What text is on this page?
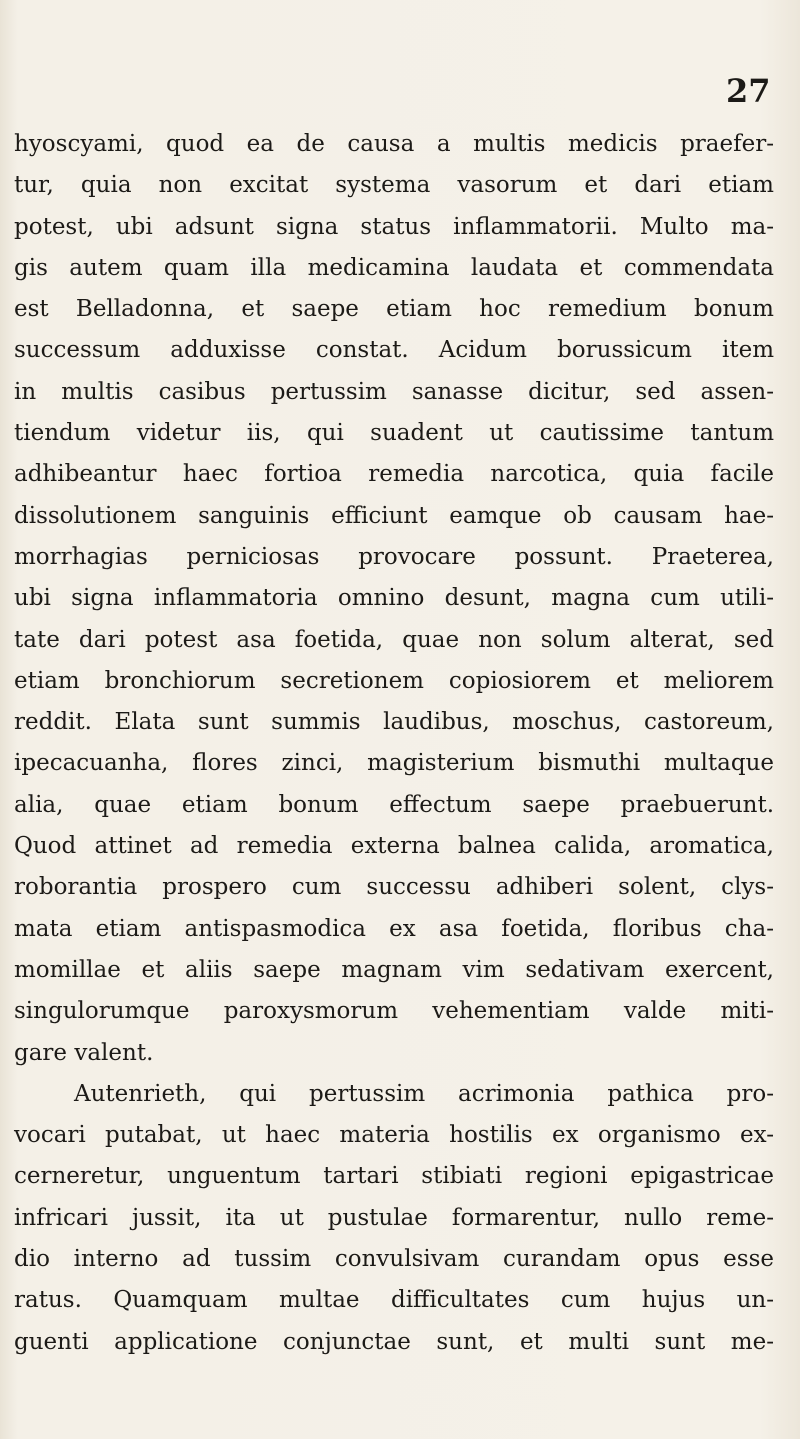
27
hyoscyami, quod ea de causa a multis medicis praefer-
tur, quia non excitat systema vasorum et dari etiam
potest, ubi adsunt signa status inflammatorii. Multo ma-
gis autem quam illa medicamina laudata et commendata
est Belladonna, et saepe etiam hoc remedium bonum
successum adduxisse constat. Acidum borussicum item
in multis casibus pertussim sanasse dicitur, sed assen-
tiendum videtur iis, qui suadent ut cautissime tantum
adhibeantur haec fortioa remedia narcotica, quia facile
dissolutionem sanguinis efficiunt eamque ob causam hae-
morrhagias perniciosas provocare possunt. Praeterea,
ubi signa inflammatoria omnino desunt, magna cum utili-
tate dari potest asa foetida, quae non solum alterat, sed
etiam bronchiorum secretionem copiosiorem et meliorem
reddit. Elata sunt summis laudibus, moschus, castoreum,
ipecacuanha, flores zinci, magisterium bismuthi multaque
alia, quae etiam bonum effectum saepe praebuerunt.
Quod attinet ad remedia externa balnea calida, aromatica,
roborantia prospero cum successu adhiberi solent, clys-
mata etiam antispasmodica ex asa foetida, floribus cha-
momillae et aliis saepe magnam vim sedativam exercent,
singulorumque paroxysmorum vehementiam valde miti-
gare valent.
Autenrieth, qui pertussim acrimonia pathica pro-
vocari putabat, ut haec materia hostilis ex organismo ex-
cerneretur, unguentum tartari stibiati regioni epigastricae
infricari jussit, ita ut pustulae formarentur, nullo reme-
dio interno ad tussim convulsivam curandam opus esse
ratus. Quamquam multae difficultates cum hujus un-
guenti applicatione conjunctae sunt, et multi sunt me-
